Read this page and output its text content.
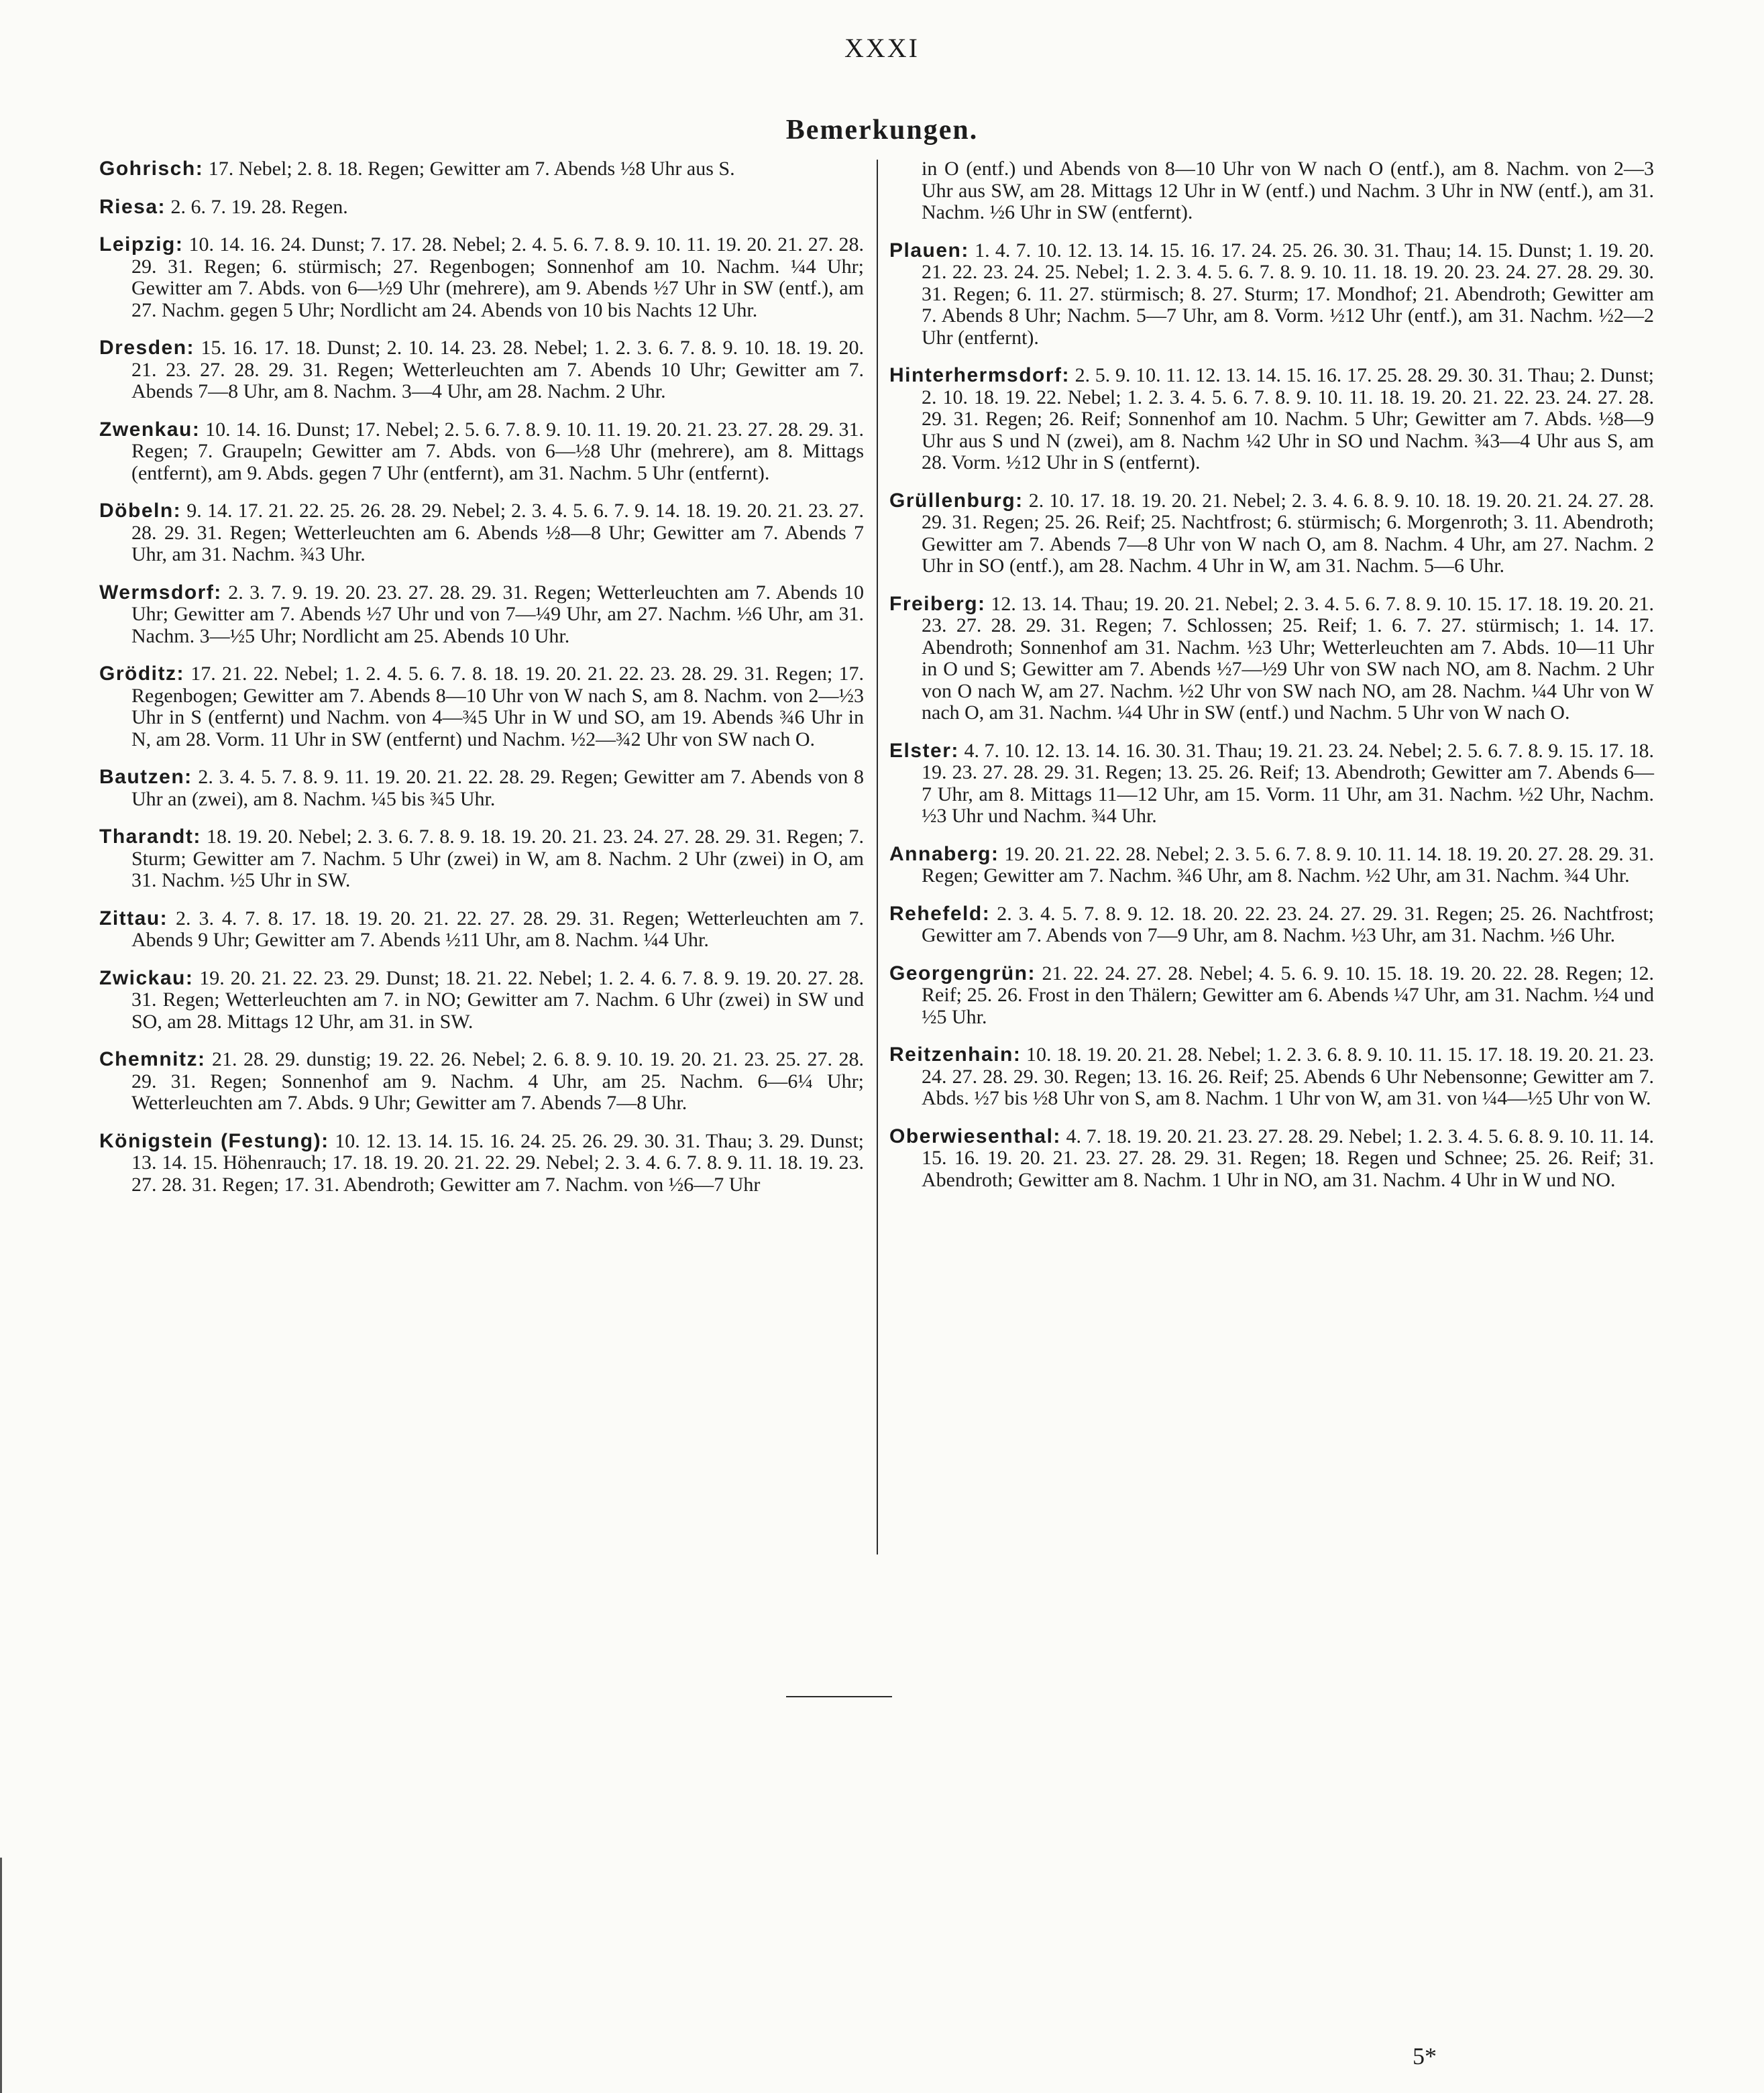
XXXI
Bemerkungen.
Gohrisch: 17. Nebel; 2. 8. 18. Regen; Gewitter am 7. Abends ½8 Uhr aus S.
Riesa: 2. 6. 7. 19. 28. Regen.
Leipzig: 10. 14. 16. 24. Dunst; 7. 17. 28. Nebel; 2. 4. 5. 6. 7. 8. 9. 10. 11. 19. 20. 21. 27. 28. 29. 31. Regen; 6. stürmisch; 27. Regenbogen; Sonnenhof am 10. Nachm. ¼4 Uhr; Gewitter am 7. Abds. von 6—½9 Uhr (mehrere), am 9. Abends ½7 Uhr in SW (entf.), am 27. Nachm. gegen 5 Uhr; Nordlicht am 24. Abends von 10 bis Nachts 12 Uhr.
Dresden: 15. 16. 17. 18. Dunst; 2. 10. 14. 23. 28. Nebel; 1. 2. 3. 6. 7. 8. 9. 10. 18. 19. 20. 21. 23. 27. 28. 29. 31. Regen; Wetterleuchten am 7. Abends 10 Uhr; Gewitter am 7. Abends 7—8 Uhr, am 8. Nachm. 3—4 Uhr, am 28. Nachm. 2 Uhr.
Zwenkau: 10. 14. 16. Dunst; 17. Nebel; 2. 5. 6. 7. 8. 9. 10. 11. 19. 20. 21. 23. 27. 28. 29. 31. Regen; 7. Graupeln; Gewitter am 7. Abds. von 6—½8 Uhr (mehrere), am 8. Mittags (entfernt), am 9. Abds. gegen 7 Uhr (entfernt), am 31. Nachm. 5 Uhr (entfernt).
Döbeln: 9. 14. 17. 21. 22. 25. 26. 28. 29. Nebel; 2. 3. 4. 5. 6. 7. 9. 14. 18. 19. 20. 21. 23. 27. 28. 29. 31. Regen; Wetterleuchten am 6. Abends ½8—8 Uhr; Gewitter am 7. Abends 7 Uhr, am 31. Nachm. ¾3 Uhr.
Wermsdorf: 2. 3. 7. 9. 19. 20. 23. 27. 28. 29. 31. Regen; Wetterleuchten am 7. Abends 10 Uhr; Gewitter am 7. Abends ½7 Uhr und von 7—¼9 Uhr, am 27. Nachm. ½6 Uhr, am 31. Nachm. 3—½5 Uhr; Nordlicht am 25. Abends 10 Uhr.
Gröditz: 17. 21. 22. Nebel; 1. 2. 4. 5. 6. 7. 8. 18. 19. 20. 21. 22. 23. 28. 29. 31. Regen; 17. Regenbogen; Gewitter am 7. Abends 8—10 Uhr von W nach S, am 8. Nachm. von 2—½3 Uhr in S (entfernt) und Nachm. von 4—¾5 Uhr in W und SO, am 19. Abends ¾6 Uhr in N, am 28. Vorm. 11 Uhr in SW (entfernt) und Nachm. ½2—¾2 Uhr von SW nach O.
Bautzen: 2. 3. 4. 5. 7. 8. 9. 11. 19. 20. 21. 22. 28. 29. Regen; Gewitter am 7. Abends von 8 Uhr an (zwei), am 8. Nachm. ¼5 bis ¾5 Uhr.
Tharandt: 18. 19. 20. Nebel; 2. 3. 6. 7. 8. 9. 18. 19. 20. 21. 23. 24. 27. 28. 29. 31. Regen; 7. Sturm; Gewitter am 7. Nachm. 5 Uhr (zwei) in W, am 8. Nachm. 2 Uhr (zwei) in O, am 31. Nachm. ½5 Uhr in SW.
Zittau: 2. 3. 4. 7. 8. 17. 18. 19. 20. 21. 22. 27. 28. 29. 31. Regen; Wetterleuchten am 7. Abends 9 Uhr; Gewitter am 7. Abends ½11 Uhr, am 8. Nachm. ¼4 Uhr.
Zwickau: 19. 20. 21. 22. 23. 29. Dunst; 18. 21. 22. Nebel; 1. 2. 4. 6. 7. 8. 9. 19. 20. 27. 28. 31. Regen; Wetterleuchten am 7. in NO; Gewitter am 7. Nachm. 6 Uhr (zwei) in SW und SO, am 28. Mittags 12 Uhr, am 31. in SW.
Chemnitz: 21. 28. 29. dunstig; 19. 22. 26. Nebel; 2. 6. 8. 9. 10. 19. 20. 21. 23. 25. 27. 28. 29. 31. Regen; Sonnenhof am 9. Nachm. 4 Uhr, am 25. Nachm. 6—6¼ Uhr; Wetterleuchten am 7. Abds. 9 Uhr; Gewitter am 7. Abends 7—8 Uhr.
Königstein (Festung): 10. 12. 13. 14. 15. 16. 24. 25. 26. 29. 30. 31. Thau; 3. 29. Dunst; 13. 14. 15. Höhenrauch; 17. 18. 19. 20. 21. 22. 29. Nebel; 2. 3. 4. 6. 7. 8. 9. 11. 18. 19. 23. 27. 28. 31. Regen; 17. 31. Abendroth; Gewitter am 7. Nachm. von ½6—7 Uhr
in O (entf.) und Abends von 8—10 Uhr von W nach O (entf.), am 8. Nachm. von 2—3 Uhr aus SW, am 28. Mittags 12 Uhr in W (entf.) und Nachm. 3 Uhr in NW (entf.), am 31. Nachm. ½6 Uhr in SW (entfernt).
Plauen: 1. 4. 7. 10. 12. 13. 14. 15. 16. 17. 24. 25. 26. 30. 31. Thau; 14. 15. Dunst; 1. 19. 20. 21. 22. 23. 24. 25. Nebel; 1. 2. 3. 4. 5. 6. 7. 8. 9. 10. 11. 18. 19. 20. 23. 24. 27. 28. 29. 30. 31. Regen; 6. 11. 27. stürmisch; 8. 27. Sturm; 17. Mondhof; 21. Abendroth; Gewitter am 7. Abends 8 Uhr; Nachm. 5—7 Uhr, am 8. Vorm. ½12 Uhr (entf.), am 31. Nachm. ½2—2 Uhr (entfernt).
Hinterhermsdorf: 2. 5. 9. 10. 11. 12. 13. 14. 15. 16. 17. 25. 28. 29. 30. 31. Thau; 2. Dunst; 2. 10. 18. 19. 22. Nebel; 1. 2. 3. 4. 5. 6. 7. 8. 9. 10. 11. 18. 19. 20. 21. 22. 23. 24. 27. 28. 29. 31. Regen; 26. Reif; Sonnenhof am 10. Nachm. 5 Uhr; Gewitter am 7. Abds. ½8—9 Uhr aus S und N (zwei), am 8. Nachm ¼2 Uhr in SO und Nachm. ¾3—4 Uhr aus S, am 28. Vorm. ½12 Uhr in S (entfernt).
Grüllenburg: 2. 10. 17. 18. 19. 20. 21. Nebel; 2. 3. 4. 6. 8. 9. 10. 18. 19. 20. 21. 24. 27. 28. 29. 31. Regen; 25. 26. Reif; 25. Nachtfrost; 6. stürmisch; 6. Morgenroth; 3. 11. Abendroth; Gewitter am 7. Abends 7—8 Uhr von W nach O, am 8. Nachm. 4 Uhr, am 27. Nachm. 2 Uhr in SO (entf.), am 28. Nachm. 4 Uhr in W, am 31. Nachm. 5—6 Uhr.
Freiberg: 12. 13. 14. Thau; 19. 20. 21. Nebel; 2. 3. 4. 5. 6. 7. 8. 9. 10. 15. 17. 18. 19. 20. 21. 23. 27. 28. 29. 31. Regen; 7. Schlossen; 25. Reif; 1. 6. 7. 27. stürmisch; 1. 14. 17. Abendroth; Sonnenhof am 31. Nachm. ½3 Uhr; Wetterleuchten am 7. Abds. 10—11 Uhr in O und S; Gewitter am 7. Abends ½7—½9 Uhr von SW nach NO, am 8. Nachm. 2 Uhr von O nach W, am 27. Nachm. ½2 Uhr von SW nach NO, am 28. Nachm. ¼4 Uhr von W nach O, am 31. Nachm. ¼4 Uhr in SW (entf.) und Nachm. 5 Uhr von W nach O.
Elster: 4. 7. 10. 12. 13. 14. 16. 30. 31. Thau; 19. 21. 23. 24. Nebel; 2. 5. 6. 7. 8. 9. 15. 17. 18. 19. 23. 27. 28. 29. 31. Regen; 13. 25. 26. Reif; 13. Abendroth; Gewitter am 7. Abends 6—7 Uhr, am 8. Mittags 11—12 Uhr, am 15. Vorm. 11 Uhr, am 31. Nachm. ½2 Uhr, Nachm. ½3 Uhr und Nachm. ¾4 Uhr.
Annaberg: 19. 20. 21. 22. 28. Nebel; 2. 3. 5. 6. 7. 8. 9. 10. 11. 14. 18. 19. 20. 27. 28. 29. 31. Regen; Gewitter am 7. Nachm. ¾6 Uhr, am 8. Nachm. ½2 Uhr, am 31. Nachm. ¾4 Uhr.
Rehefeld: 2. 3. 4. 5. 7. 8. 9. 12. 18. 20. 22. 23. 24. 27. 29. 31. Regen; 25. 26. Nachtfrost; Gewitter am 7. Abends von 7—9 Uhr, am 8. Nachm. ½3 Uhr, am 31. Nachm. ½6 Uhr.
Georgengrün: 21. 22. 24. 27. 28. Nebel; 4. 5. 6. 9. 10. 15. 18. 19. 20. 22. 28. Regen; 12. Reif; 25. 26. Frost in den Thälern; Gewitter am 6. Abends ¼7 Uhr, am 31. Nachm. ½4 und ½5 Uhr.
Reitzenhain: 10. 18. 19. 20. 21. 28. Nebel; 1. 2. 3. 6. 8. 9. 10. 11. 15. 17. 18. 19. 20. 21. 23. 24. 27. 28. 29. 30. Regen; 13. 16. 26. Reif; 25. Abends 6 Uhr Nebensonne; Gewitter am 7. Abds. ½7 bis ½8 Uhr von S, am 8. Nachm. 1 Uhr von W, am 31. von ¼4—½5 Uhr von W.
Oberwiesenthal: 4. 7. 18. 19. 20. 21. 23. 27. 28. 29. Nebel; 1. 2. 3. 4. 5. 6. 8. 9. 10. 11. 14. 15. 16. 19. 20. 21. 23. 27. 28. 29. 31. Regen; 18. Regen und Schnee; 25. 26. Reif; 31. Abendroth; Gewitter am 8. Nachm. 1 Uhr in NO, am 31. Nachm. 4 Uhr in W und NO.
5*
